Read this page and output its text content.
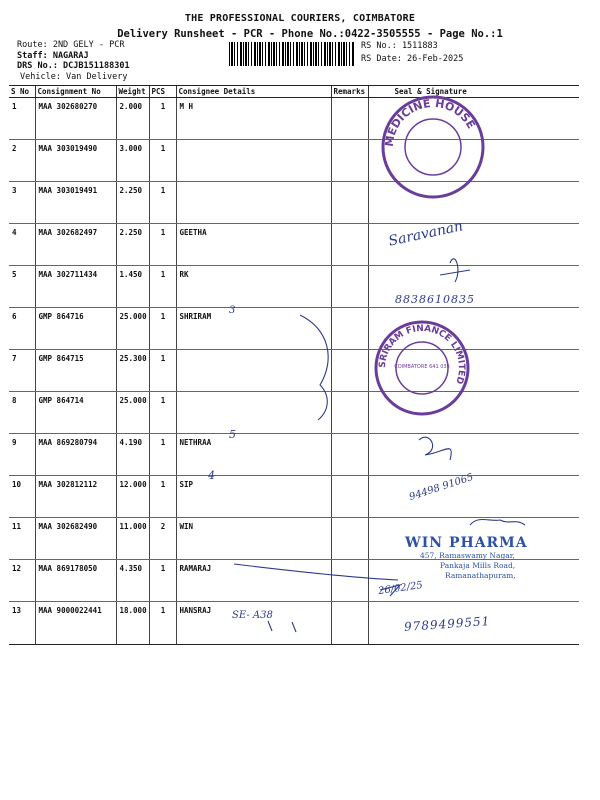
THE PROFESSIONAL COURIERS, COIMBATORE
Delivery Runsheet - PCR - Phone No.:0422-3505555 - Page No.:1
Route: 2ND GELY - PCR
Staff: NAGARAJ
DRS No.: DCJB151188301
Vehicle: Van Delivery
RS No.: 1511883
RS Date: 26-Feb-2025
S No	Consignment No	Weight	PCS	Consignee Details	Remarks	Seal & Signature
1	MAA 302680270	2.000	1	M H		
2	MAA 303019490	3.000	1			
3	MAA 303019491	2.250	1			
4	MAA 302682497	2.250	1	GEETHA		
5	MAA 302711434	1.450	1	RK		
6	GMP 864716	25.000	1	SHRIRAM		
7	GMP 864715	25.300	1			
8	GMP 864714	25.000	1			
9	MAA 869280794	4.190	1	NETHRAA		
10	MAA 302812112	12.000	1	SIP		
11	MAA 302682490	11.000	2	WIN		
12	MAA 869178050	4.350	1	RAMARAJ		
13	MAA 9000022441	18.000	1	HANSRAJ		
3
5
4
SE- A38
Saravanan
8838610835
94498 91065
9789499551
MEDICINE HOUSE
SRIRAM FINANCE LIMITED
COIMBATORE 641 035
WIN PHARMA
457, Ramaswamy Nagar,
Pankaja Mills Road,
Ramanathapuram,
26/02/25
